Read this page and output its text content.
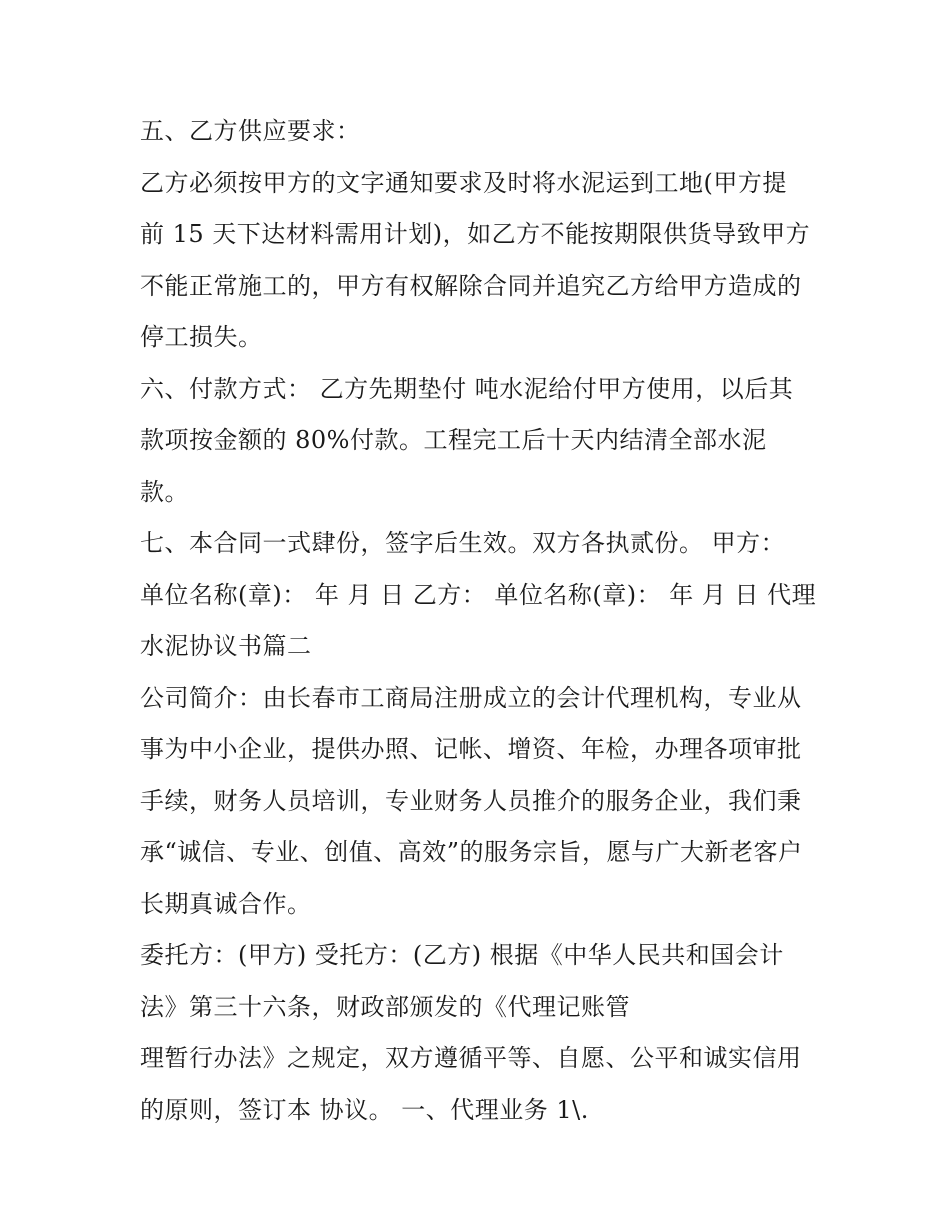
五、乙方供应要求：
乙方必须按甲方的文字通知要求及时将水泥运到工地(甲方提
前 15 天下达材料需用计划)，如乙方不能按期限供货导致甲方
不能正常施工的，甲方有权解除合同并追究乙方给甲方造成的
停工损失。
六、付款方式： 乙方先期垫付 吨水泥给付甲方使用，以后其
款项按金额的 80%付款。工程完工后十天内结清全部水泥
款。
七、本合同一式肆份，签字后生效。双方各执贰份。 甲方：
单位名称(章)： 年 月 日 乙方： 单位名称(章)： 年 月 日 代理
水泥协议书篇二
公司简介：由长春市工商局注册成立的会计代理机构，专业从
事为中小企业，提供办照、记帐、增资、年检，办理各项审批
手续，财务人员培训，专业财务人员推介的服务企业，我们秉
承“诚信、专业、创值、高效”的服务宗旨，愿与广大新老客户
长期真诚合作。
委托方：(甲方) 受托方：(乙方) 根据《中华人民共和国会计
法》第三十六条，财政部颁发的《代理记账管
理暂行办法》之规定，双方遵循平等、自愿、公平和诚实信用
的原则，签订本 协议。 一、代理业务 1\.
